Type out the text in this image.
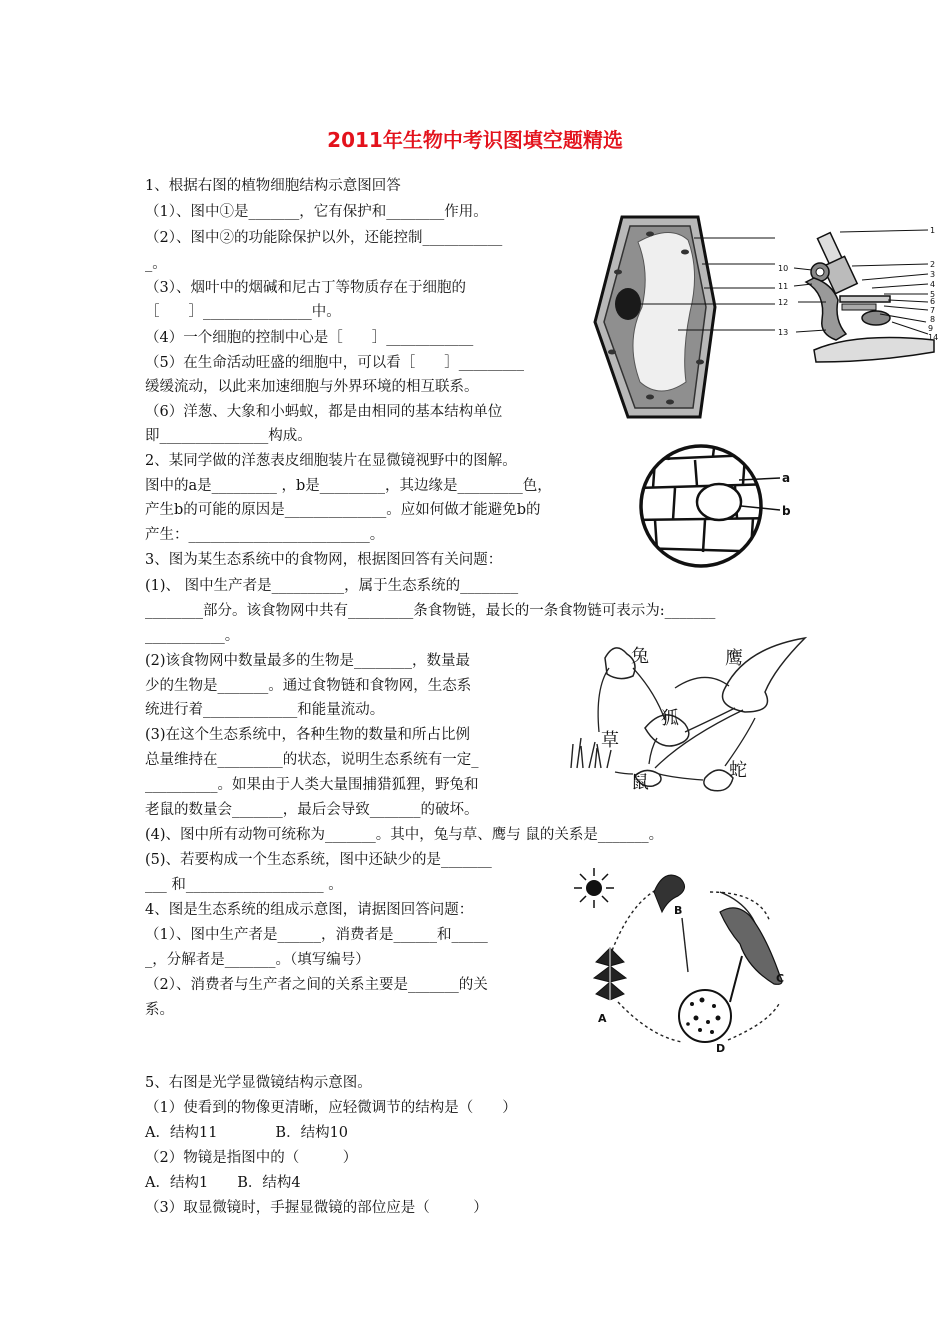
2011年生物中考识图填空题精选
1、根据右图的植物细胞结构示意图回答
（1）、图中①是_______，它有保护和________作用。
（2）、图中②的功能除保护以外，还能控制___________
_。
（3）、烟叶中的烟碱和尼古丁等物质存在于细胞的
［　　］_______________中。
（4）一个细胞的控制中心是［　　］____________
（5）在生命活动旺盛的细胞中，可以看［　　］_________
缓缓流动，以此来加速细胞与外界环境的相互联系。
（6）洋葱、大象和小蚂蚁，都是由相同的基本结构单位
即_______________构成。
2、某同学做的洋葱表皮细胞装片在显微镜视野中的图解。
图中的a是_________ ，b是_________，其边缘是_________色，
产生b的可能的原因是______________。应如何做才能避免b的
产生：_________________________。
3、图为某生态系统中的食物网，根据图回答有关问题：
(1)、 图中生产者是__________，属于生态系统的________
________部分。该食物网中共有_________条食物链，最长的一条食物链可表示为:_______
___________。
(2)该食物网中数量最多的生物是________，数量最
少的生物是_______。通过食物链和食物网，生态系
统进行着_____________和能量流动。
(3)在这个生态系统中，各种生物的数量和所占比例
总量维持在_________的状态，说明生态系统有一定_
__________。如果由于人类大量围捕猎狐狸，野兔和
老鼠的数量会_______，最后会导致_______的破坏。
(4)、图中所有动物可统称为_______。其中，兔与草、鹰与 鼠的关系是_______。
(5)、若要构成一个生态系统，图中还缺少的是_______
___ 和___________________ 。
4、图是生态系统的组成示意图，请据图回答问题：
（1）、图中生产者是______，消费者是______和_____
_，分解者是_______。（填写编号）
（2）、消费者与生产者之间的关系主要是_______的关
系。
5、右图是光学显微镜结构示意图。
（1）使看到的物像更清晰，应轻微调节的结构是（　　）
A．结构11　　　　B．结构10
（2）物镜是指图中的（　　　）
A．结构1　　B．结构4
（3）取显微镜时，手握显微镜的部位应是（　　　）
1
2
3
4
5
6
7
8
9
14
10
11
12
13
a
b
兔	鹰
狐
草
鼠
蛇
A
B
C
D
